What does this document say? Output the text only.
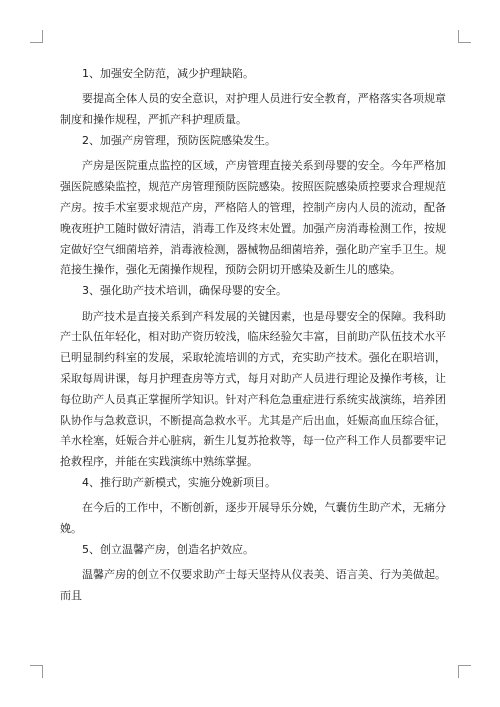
1、加强安全防范，减少护理缺陷。

要提高全体人员的安全意识，对护理人员进行安全教育，严格落实各项规章制度和操作规程，严抓产科护理质量。

2、加强产房管理，预防医院感染发生。

产房是医院重点监控的区域，产房管理直接关系到母婴的安全。今年严格加强医院感染监控，规范产房管理预防医院感染。按照医院感染质控要求合理规范产房。按手术室要求规范产房，严格陪人的管理，控制产房内人员的流动，配备晚夜班护工随时做好清洁，消毒工作及终末处置。加强产房消毒检测工作，按规定做好空气细菌培养，消毒液检测，器械物品细菌培养，强化助产室手卫生。规范接生操作，强化无菌操作规程，预防会阴切开感染及新生儿的感染。

3、强化助产技术培训，确保母婴的安全。

助产技术是直接关系到产科发展的关键因素，也是母婴安全的保障。我科助产士队伍年轻化，相对助产资历较浅，临床经验欠丰富，目前助产队伍技术水平已明显制约科室的发展，采取轮流培训的方式，充实助产技术。强化在职培训，采取每周讲课，每月护理查房等方式，每月对助产人员进行理论及操作考核，让每位助产人员真正掌握所学知识。针对产科危急重症进行系统实战演练，培养团队协作与急救意识，不断提高急救水平。尤其是产后出血，妊娠高血压综合征，羊水栓塞，妊娠合并心脏病，新生儿复苏抢救等，每一位产科工作人员都要牢记抢救程序，并能在实践演练中熟练掌握。

4、推行助产新模式，实施分娩新项目。

在今后的工作中，不断创新，逐步开展导乐分娩，气囊仿生助产术，无痛分娩。

5、创立温馨产房，创造名护效应。

温馨产房的创立不仅要求助产士每天坚持从仪表美、语言美、行为美做起。而且
